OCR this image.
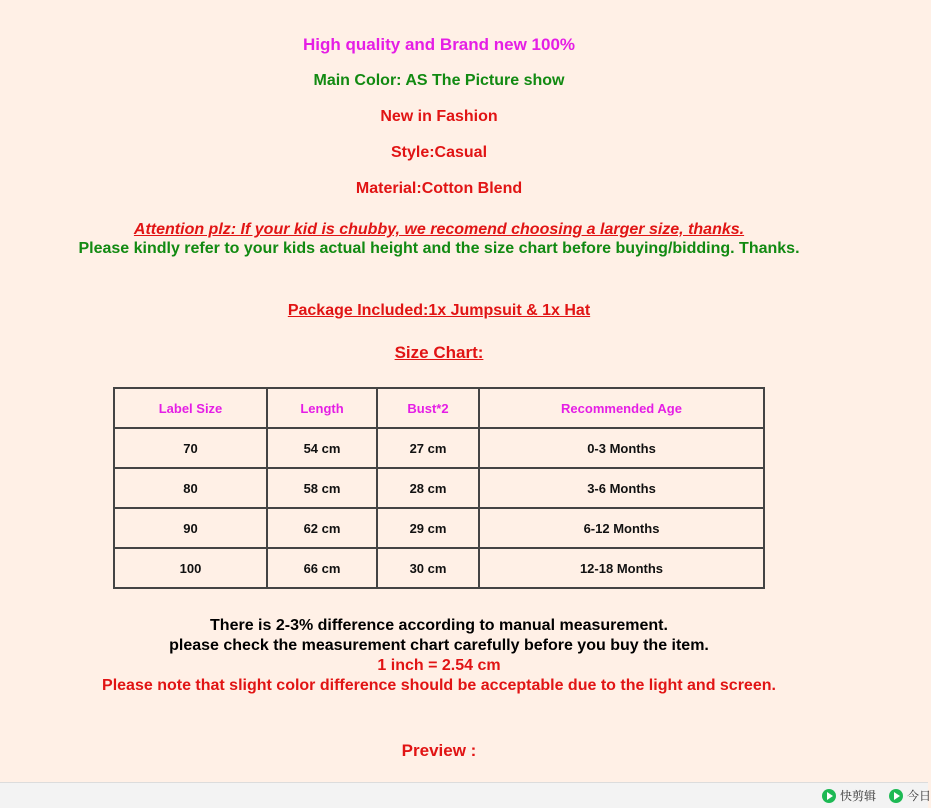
High quality and Brand new 100%
Main Color: AS The Picture show
New in Fashion
Style:Casual
Material:Cotton Blend
Attention plz: If your kid is chubby, we recomend choosing a larger size, thanks.
Please kindly refer to your kids actual height and the size chart before buying/bidding. Thanks.
Package Included:1x Jumpsuit & 1x Hat
Size Chart:
Label Size	Length	Bust*2	Recommended Age
70	54 cm	27 cm	0-3 Months
80	58 cm	28 cm	3-6 Months
90	62 cm	29 cm	6-12 Months
100	66 cm	30 cm	12-18 Months
There is 2-3% difference according to manual measurement.
please check the measurement chart carefully before you buy the item.
1 inch = 2.54 cm
Please note that slight color difference should be acceptable due to the light and screen.
Preview :
快剪辑	今日
